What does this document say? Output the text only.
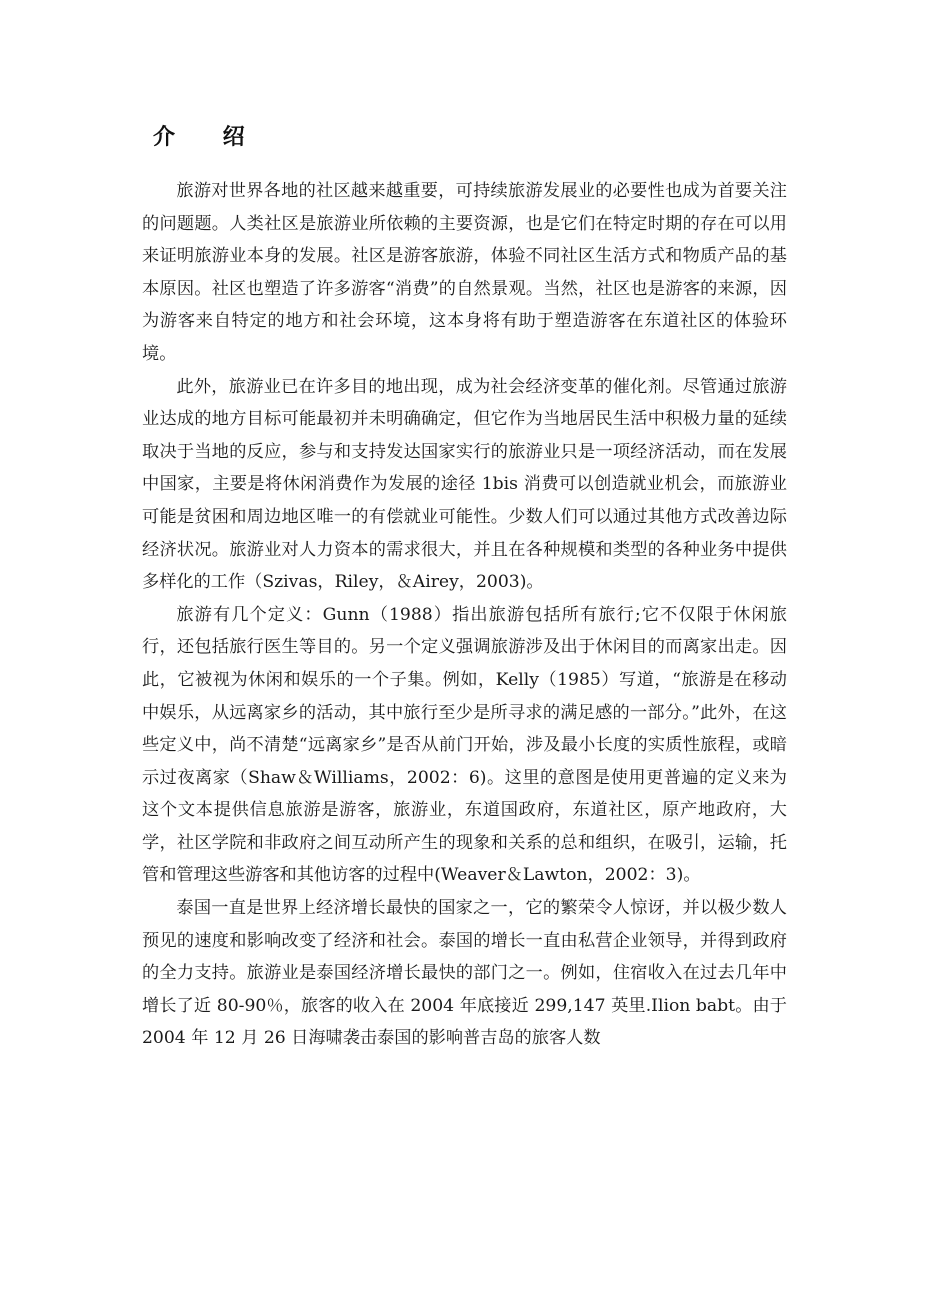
介 绍

旅游对世界各地的社区越来越重要，可持续旅游发展业的必要性也成为首要关注的问题题。人类社区是旅游业所依赖的主要资源，也是它们在特定时期的存在可以用来证明旅游业本身的发展。社区是游客旅游，体验不同社区生活方式和物质产品的基本原因。社区也塑造了许多游客“消费”的自然景观。当然，社区也是游客的来源，因为游客来自特定的地方和社会环境，这本身将有助于塑造游客在东道社区的体验环境。

此外，旅游业已在许多目的地出现，成为社会经济变革的催化剂。尽管通过旅游业达成的地方目标可能最初并未明确确定，但它作为当地居民生活中积极力量的延续取决于当地的反应，参与和支持发达国家实行的旅游业只是一项经济活动，而在发展中国家，主要是将休闲消费作为发展的途径 1bis 消费可以创造就业机会，而旅游业可能是贫困和周边地区唯一的有偿就业可能性。少数人们可以通过其他方式改善边际经济状况。旅游业对人力资本的需求很大，并且在各种规模和类型的各种业务中提供多样化的工作（Szivas，Riley，＆Airey，2003)。

旅游有几个定义：Gunn（1988）指出旅游包括所有旅行;它不仅限于休闲旅行，还包括旅行医生等目的。另一个定义强调旅游涉及出于休闲目的而离家出走。因此，它被视为休闲和娱乐的一个子集。例如，Kelly（1985）写道，“旅游是在移动中娱乐，从远离家乡的活动，其中旅行至少是所寻求的满足感的一部分。”此外，在这些定义中，尚不清楚“远离家乡”是否从前门开始，涉及最小长度的实质性旅程，或暗示过夜离家（Shaw＆Williams，2002：6)。这里的意图是使用更普遍的定义来为这个文本提供信息旅游是游客，旅游业，东道国政府，东道社区，原产地政府，大学，社区学院和非政府之间互动所产生的现象和关系的总和组织，在吸引，运输，托管和管理这些游客和其他访客的过程中(Weaver＆Lawton，2002：3)。

泰国一直是世界上经济增长最快的国家之一，它的繁荣令人惊讶，并以极少数人预见的速度和影响改变了经济和社会。泰国的增长一直由私营企业领导，并得到政府的全力支持。旅游业是泰国经济增长最快的部门之一。例如，住宿收入在过去几年中增长了近 80-90％，旅客的收入在 2004 年底接近 299,147 英里.Ilion babt。由于 2004 年 12 月 26 日海啸袭击泰国的影响普吉岛的旅客人数
